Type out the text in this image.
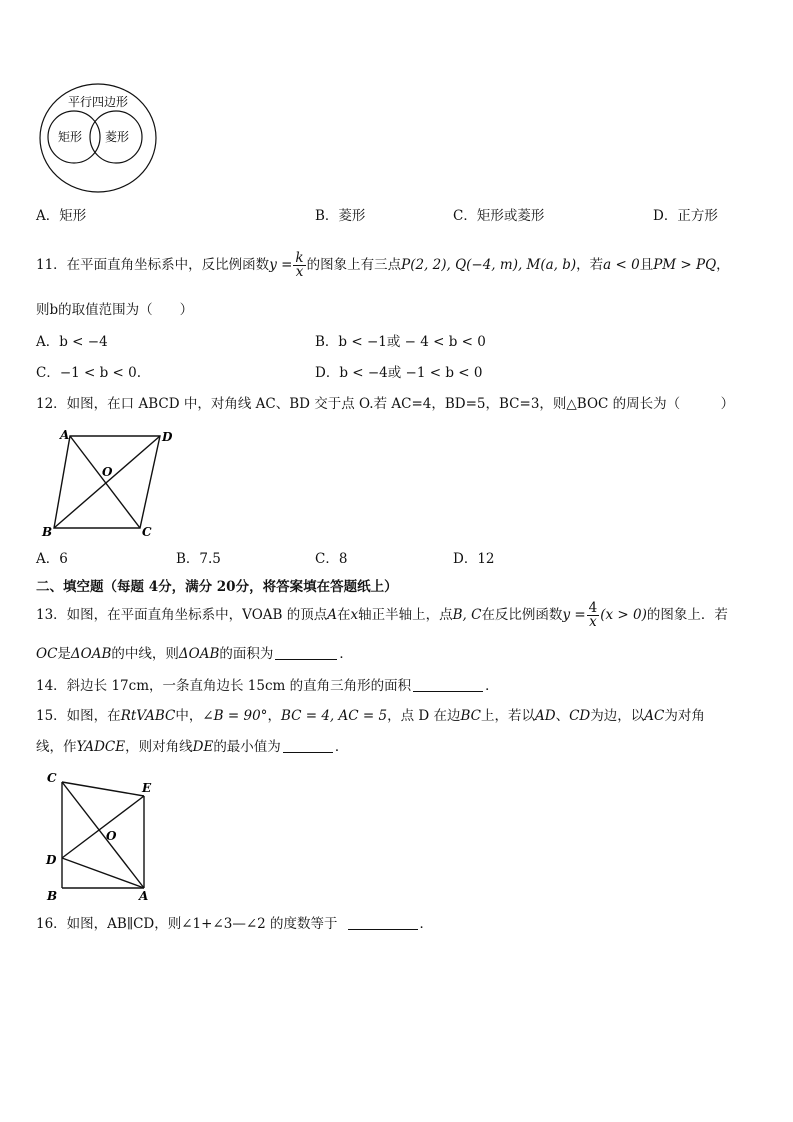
平行四边形
矩形 菱形
A．矩形	B．菱形	C．矩形或菱形	D．正方形
11．在平面直角坐标系中，反比例函数$y = \frac{k}{x}$ 的图象上有三点P(2, 2), Q(−4, m), M(a, b)，若a < 0且PM > PQ，
则b的取值范围为（　　）
A．b < −4	B．b < −1或 − 4 < b < 0
C．−1 < b < 0.	D．b < −4或 −1 < b < 0
12．如图，在口 ABCD 中，对角线 AC、BD 交于点 O.若 AC=4，BD=5，BC=3，则△BOC 的周长为（　　　）
A	D
O
B	C
A．6	B．7.5	C．8	D．12
二、填空题（每题 4分，满分 20分，将答案填在答题纸上）
13．如图，在平面直角坐标系中，VOAB 的顶点A在x轴正半轴上，点B, C在反比例函数$y = \frac{4}{x} (x > 0)$的图象上．若
OC是ΔOAB的中线，则ΔOAB的面积为	．
14．斜边长 17cm，一条直角边长 15cm 的直角三角形的面积	．
15．如图，在RtVABC中，∠B = 90°，BC = 4, AC = 5，点 D 在边BC上，若以AD、CD为边，以AC为对角
线，作YADCE，则对角线DE的最小值为	．
C
E
O
D
B	A
16．如图，AB∥CD，则∠1+∠3—∠2 的度数等于	．
